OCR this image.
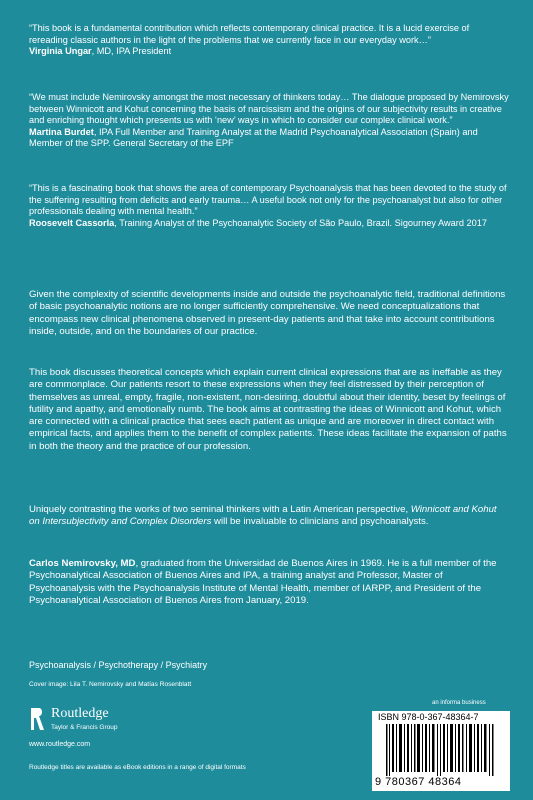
“This book is a fundamental contribution which reflects contemporary clinical practice. It is a lucid exercise of rereading classic authors in the light of the problems that we currently face in our everyday work…”

Virginia Ungar, MD, IPA President

“We must include Nemirovsky amongst the most necessary of thinkers today… The dialogue proposed by Nemirovsky between Winnicott and Kohut concerning the basis of narcissism and the origins of our subjectivity results in creative and enriching thought which presents us with ‘new’ ways in which to consider our complex clinical work.”

Martina Burdet, IPA Full Member and Training Analyst at the Madrid Psychoanalytical Association (Spain) and Member of the SPP. General Secretary of the EPF

“This is a fascinating book that shows the area of contemporary Psychoanalysis that has been devoted to the study of the suffering resulting from deficits and early trauma… A useful book not only for the psychoanalyst but also for other professionals dealing with mental health.”

Roosevelt Cassorla, Training Analyst of the Psychoanalytic Society of São Paulo, Brazil. Sigourney Award 2017

Given the complexity of scientific developments inside and outside the psychoanalytic field, traditional definitions of basic psychoanalytic notions are no longer sufficiently comprehensive. We need conceptualizations that encompass new clinical phenomena observed in present-day patients and that take into account contributions inside, outside, and on the boundaries of our practice.

This book discusses theoretical concepts which explain current clinical expressions that are as ineffable as they are commonplace. Our patients resort to these expressions when they feel distressed by their perception of themselves as unreal, empty, fragile, non-existent, non-desiring, doubtful about their identity, beset by feelings of futility and apathy, and emotionally numb. The book aims at contrasting the ideas of Winnicott and Kohut, which are connected with a clinical practice that sees each patient as unique and are moreover in direct contact with empirical facts, and applies them to the benefit of complex patients. These ideas facilitate the expansion of paths in both the theory and the practice of our profession.

Uniquely contrasting the works of two seminal thinkers with a Latin American perspective, Winnicott and Kohut on Intersubjectivity and Complex Disorders will be invaluable to clinicians and psychoanalysts.

Carlos Nemirovsky, MD, graduated from the Universidad de Buenos Aires in 1969. He is a full member of the Psychoanalytical Association of Buenos Aires and IPA, a training analyst and Professor, Master of Psychoanalysis with the Psychoanalysis Institute of Mental Health, member of IARPP, and President of the Psychoanalytical Association of Buenos Aires from January, 2019.

Psychoanalysis / Psychotherapy / Psychiatry
Cover image: Lila T. Nemirovsky and Matías Rosenblatt
Routledge
Taylor & Francis Group
www.routledge.com
Routledge titles are available as eBook editions in a range of digital formats
an informa business
ISBN 978-0-367-48364-7
9 780367 48364
